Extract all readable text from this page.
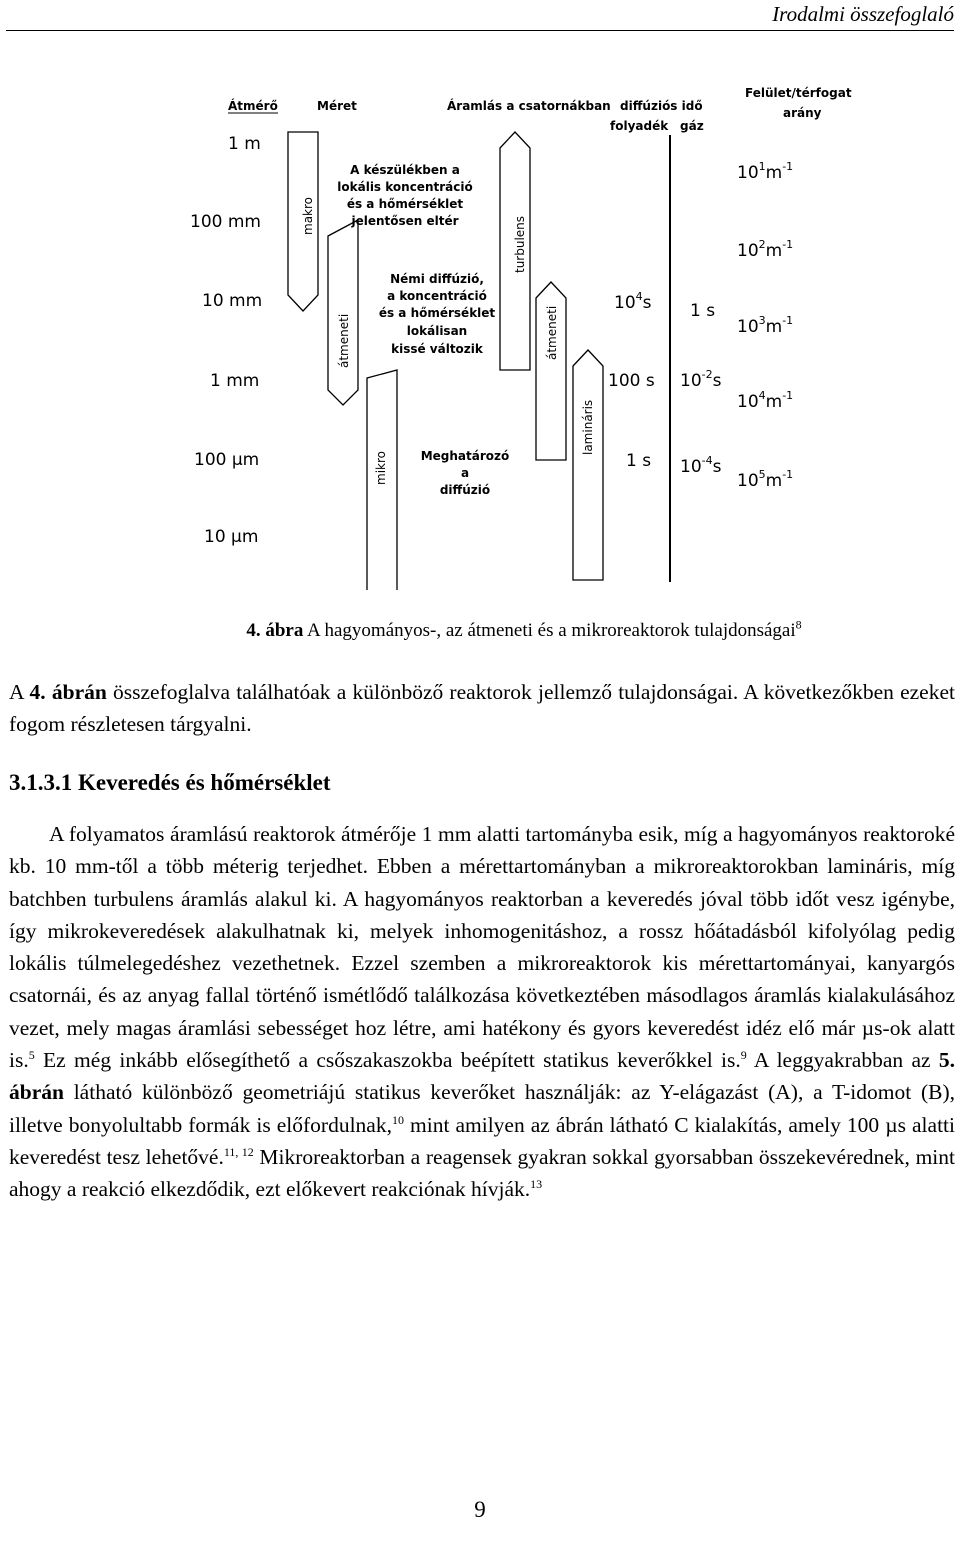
Irodalmi összefoglaló
Átmérő	Méret	Áramlás a csatornákban diffúziós idő
folyadék gáz
Felület/térfogat
arány
1 m
100 mm
10 mm
1 mm
100 µm
10 µm
makro
átmeneti
mikro
turbulens
átmeneti
lamináris
A készülékben a
lokális koncentráció
és a hőmérséklet
jelentősen eltér
Némi diffúzió,
a koncentráció
és a hőmérséklet
lokálisan
kissé változik
Meghatározó
a
diffúzió
$10^4s$
100 s
1 s
1 s
$10^{-2}s$
$10^{-4}s$
$10^1m^{-1}$
$10^2m^{-1}$
$10^3m^{-1}$
$10^4m^{-1}$
$10^5m^{-1}$
4. ábra A hagyományos-, az átmeneti és a mikroreaktorok tulajdonságai$^8$
A 4. ábrán összefoglalva találhatóak a különböző reaktorok jellemző tulajdonságai. A következőkben ezeket fogom részletesen tárgyalni.
3.1.3.1 Keveredés és hőmérséklet
A folyamatos áramlású reaktorok átmérője 1 mm alatti tartományba esik, míg a hagyományos reaktoroké kb. 10 mm-től a több méterig terjedhet. Ebben a mérettartományban a mikroreaktorokban lamináris, míg batchben turbulens áramlás alakul ki. A hagyományos reaktorban a keveredés jóval több időt vesz igénybe, így mikrokeveredések alakulhatnak ki, melyek inhomogenitáshoz, a rossz hőátadásból kifolyólag pedig lokális túlmelegedéshez vezethetnek. Ezzel szemben a mikroreaktorok kis mérettartományai, kanyargós csatornái, és az anyag fallal történő ismétlődő találkozása következtében másodlagos áramlás kialakulásához vezet, mely magas áramlási sebességet hoz létre, ami hatékony és gyors keveredést idéz elő már µs-ok alatt is.$^5$ Ez még inkább elősegíthető a csőszakaszokba beépített statikus keverőkkel is.$^9$ A leggyakrabban az 5. ábrán látható különböző geometriájú statikus keverőket használják: az Y-elágazást (A), a T-idomot (B), illetve bonyolultabb formák is előfordulnak,$^{10}$ mint amilyen az ábrán látható C kialakítás, amely 100 µs alatti keveredést tesz lehetővé.$^{11, 12}$ Mikroreaktorban a reagensek gyakran sokkal gyorsabban összekevérednek, mint ahogy a reakció elkezdődik, ezt előkevert reakciónak hívják.$^{13}$
9
